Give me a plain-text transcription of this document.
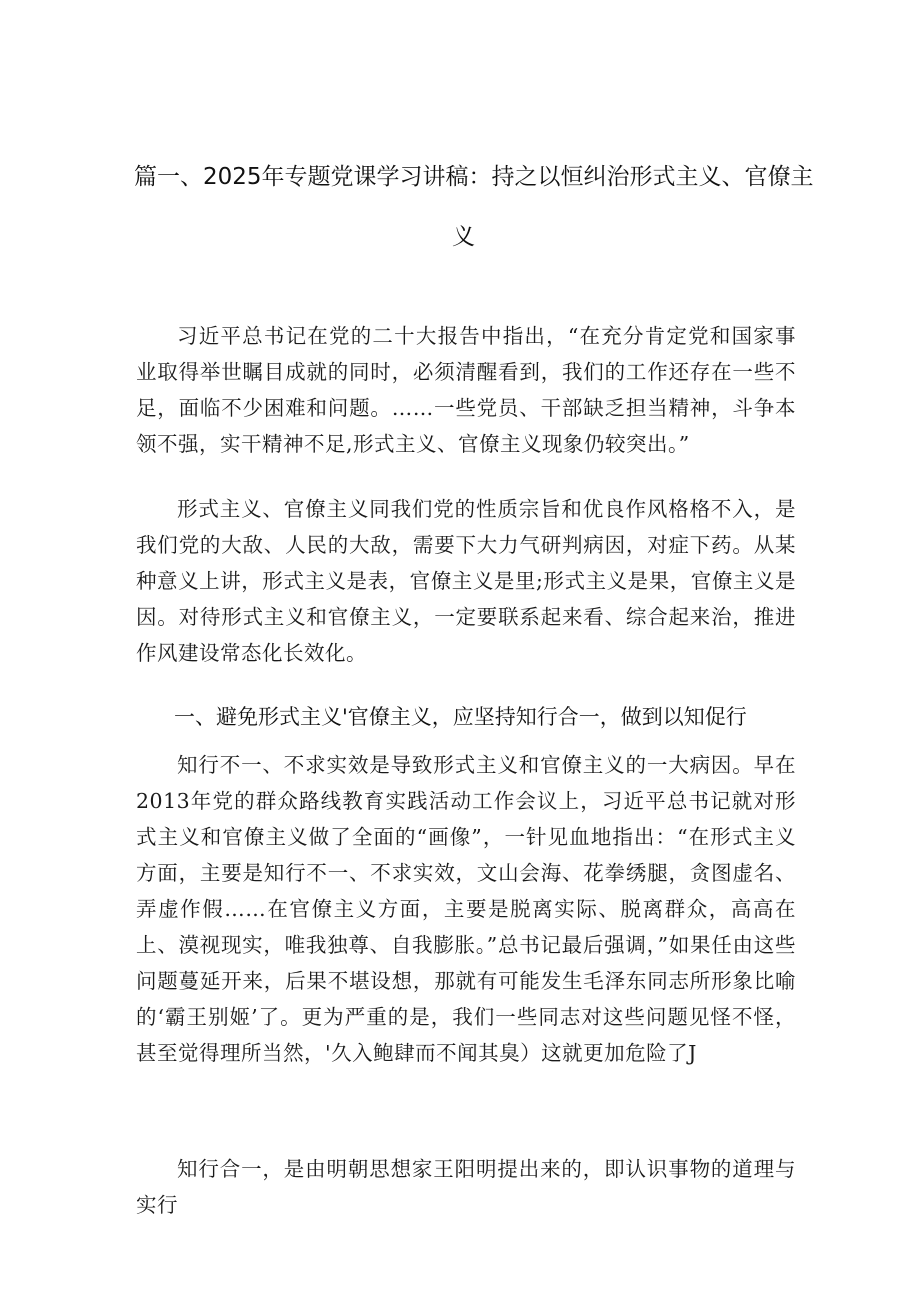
篇一、2025年专题党课学习讲稿：持之以恒纠治形式主义、官僚主
义

习近平总书记在党的二十大报告中指出，“在充分肯定党和国家事业取得举世瞩目成就的同时，必须清醒看到，我们的工作还存在一些不足，面临不少困难和问题。……一些党员、干部缺乏担当精神，斗争本领不强，实干精神不足,形式主义、官僚主义现象仍较突出。”

形式主义、官僚主义同我们党的性质宗旨和优良作风格格不入，是我们党的大敌、人民的大敌，需要下大力气研判病因，对症下药。从某种意义上讲，形式主义是表，官僚主义是里;形式主义是果，官僚主义是因。对待形式主义和官僚主义，一定要联系起来看、综合起来治，推进作风建设常态化长效化。

一、避免形式主义'官僚主义，应坚持知行合一，做到以知促行

知行不一、不求实效是导致形式主义和官僚主义的一大病因。早在2013年党的群众路线教育实践活动工作会议上，习近平总书记就对形式主义和官僚主义做了全面的“画像”，一针见血地指出：“在形式主义方面，主要是知行不一、不求实效，文山会海、花拳绣腿，贪图虚名、弄虚作假……在官僚主义方面，主要是脱离实际、脱离群众，高高在上、漠视现实，唯我独尊、自我膨胀。”总书记最后强调，”如果任由这些问题蔓延开来，后果不堪设想，那就有可能发生毛泽东同志所形象比喻的‘霸王别姬’了。更为严重的是，我们一些同志对这些问题见怪不怪，甚至觉得理所当然，'久入鲍肆而不闻其臭）这就更加危险了J

知行合一，是由明朝思想家王阳明提出来的，即认识事物的道理与实行
